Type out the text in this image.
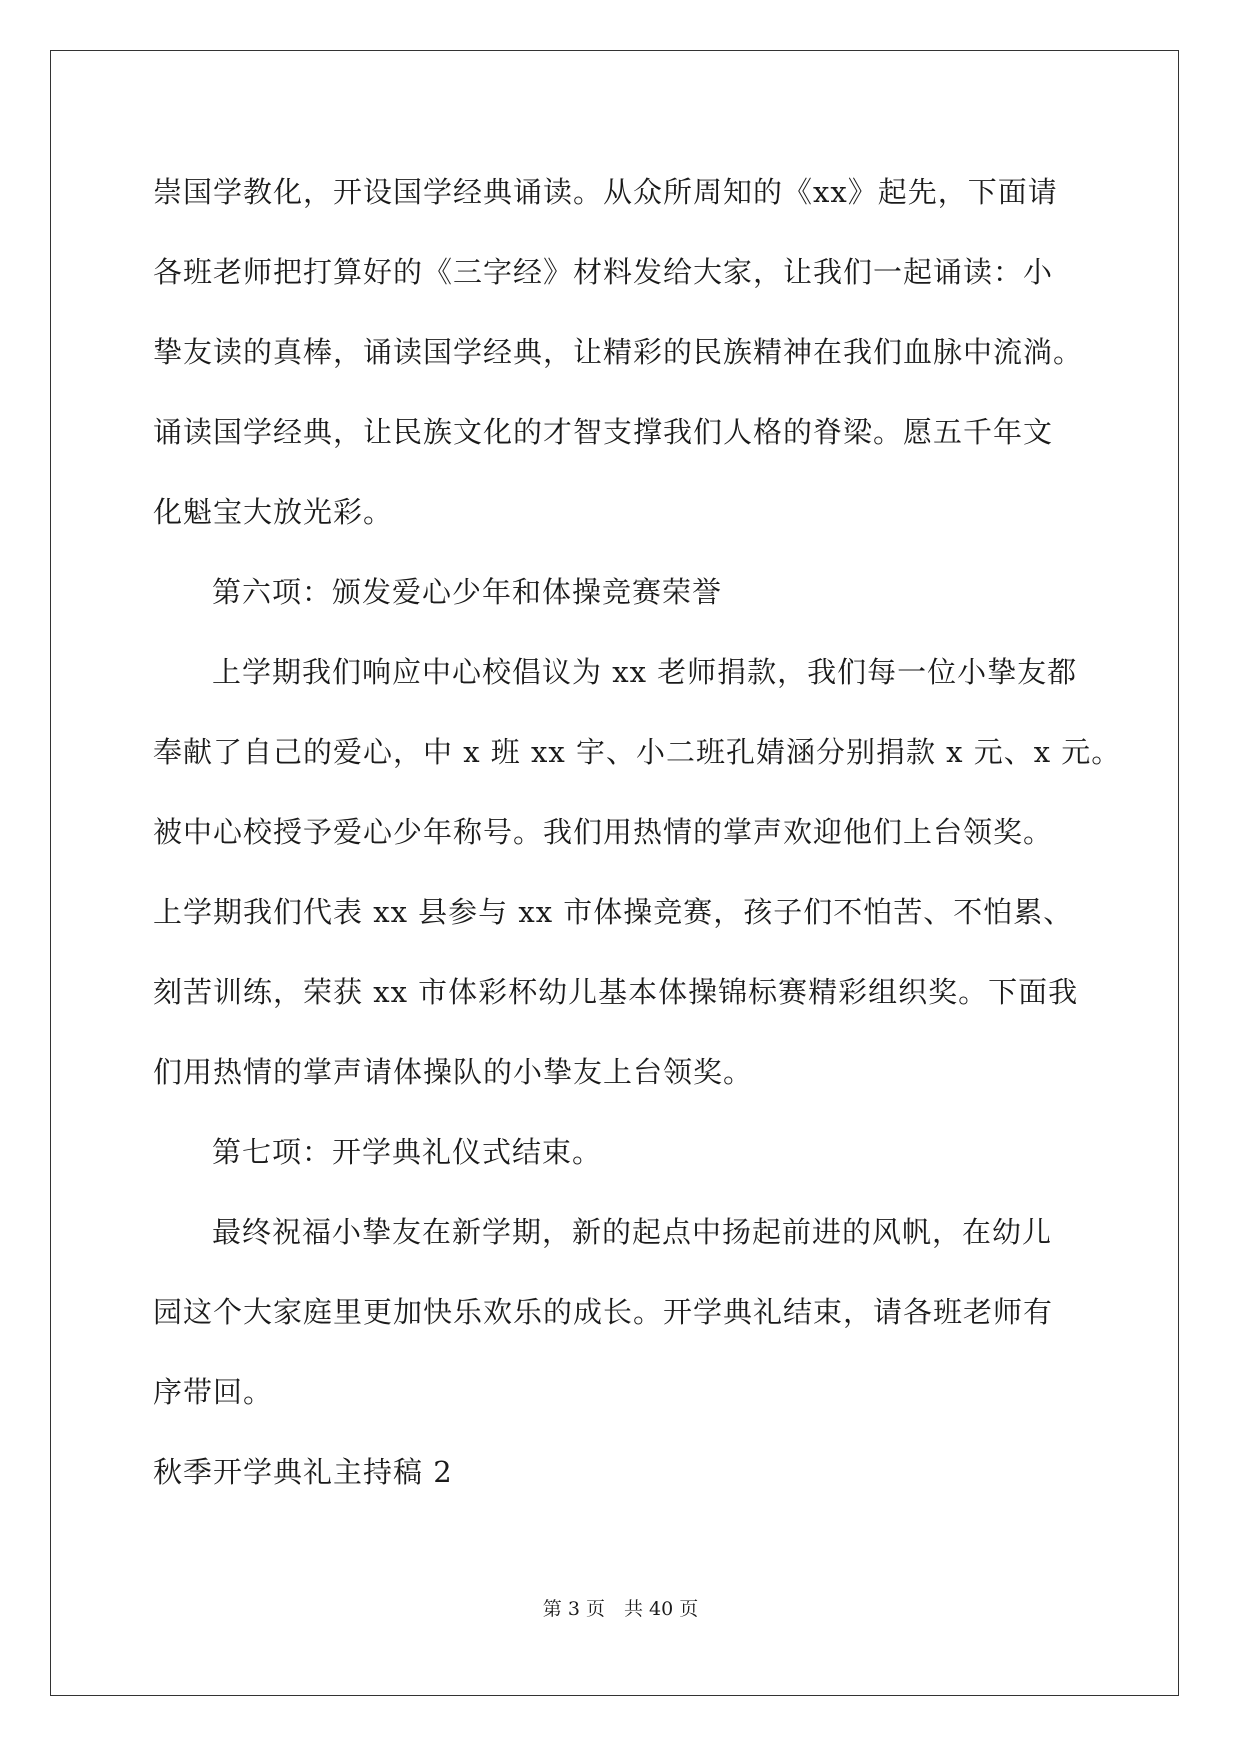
崇国学教化，开设国学经典诵读。从众所周知的《xx》起先，下面请
各班老师把打算好的《三字经》材料发给大家，让我们一起诵读：小
挚友读的真棒，诵读国学经典，让精彩的民族精神在我们血脉中流淌。
诵读国学经典，让民族文化的才智支撑我们人格的脊梁。愿五千年文
化魁宝大放光彩。
第六项：颁发爱心少年和体操竞赛荣誉
上学期我们响应中心校倡议为 xx 老师捐款，我们每一位小挚友都
奉献了自己的爱心，中 x 班 xx 宇、小二班孔婧涵分别捐款 x 元、x 元。
被中心校授予爱心少年称号。我们用热情的掌声欢迎他们上台领奖。
上学期我们代表 xx 县参与 xx 市体操竞赛，孩子们不怕苦、不怕累、
刻苦训练，荣获 xx 市体彩杯幼儿基本体操锦标赛精彩组织奖。下面我
们用热情的掌声请体操队的小挚友上台领奖。
第七项：开学典礼仪式结束。
最终祝福小挚友在新学期，新的起点中扬起前进的风帆，在幼儿
园这个大家庭里更加快乐欢乐的成长。开学典礼结束，请各班老师有
序带回。
秋季开学典礼主持稿 2
第 3 页　共 40 页
